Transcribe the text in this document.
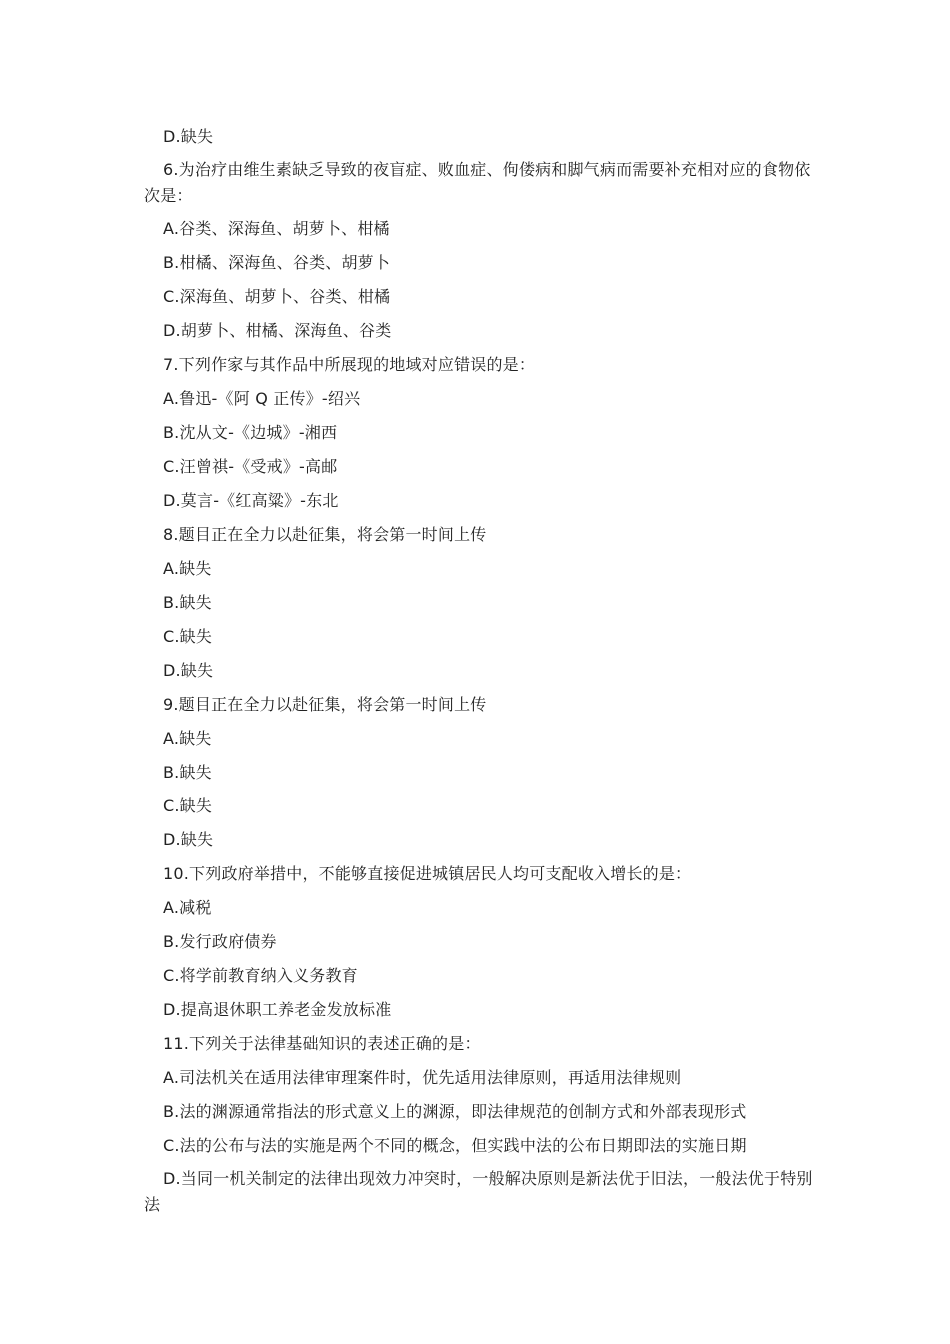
D.缺失
6.为治疗由维生素缺乏导致的夜盲症、败血症、佝偻病和脚气病而需要补充相对应的食物依次是：
A.谷类、深海鱼、胡萝卜、柑橘
B.柑橘、深海鱼、谷类、胡萝卜
C.深海鱼、胡萝卜、谷类、柑橘
D.胡萝卜、柑橘、深海鱼、谷类
7.下列作家与其作品中所展现的地域对应错误的是：
A.鲁迅-《阿 Q 正传》-绍兴
B.沈从文-《边城》-湘西
C.汪曾祺-《受戒》-高邮
D.莫言-《红高粱》-东北
8.题目正在全力以赴征集，将会第一时间上传
A.缺失
B.缺失
C.缺失
D.缺失
9.题目正在全力以赴征集，将会第一时间上传
A.缺失
B.缺失
C.缺失
D.缺失
10.下列政府举措中，不能够直接促进城镇居民人均可支配收入增长的是：
A.减税
B.发行政府债券
C.将学前教育纳入义务教育
D.提高退休职工养老金发放标准
11.下列关于法律基础知识的表述正确的是：
A.司法机关在适用法律审理案件时，优先适用法律原则，再适用法律规则
B.法的渊源通常指法的形式意义上的渊源，即法律规范的创制方式和外部表现形式
C.法的公布与法的实施是两个不同的概念，但实践中法的公布日期即法的实施日期
D.当同一机关制定的法律出现效力冲突时，一般解决原则是新法优于旧法，一般法优于特别法
